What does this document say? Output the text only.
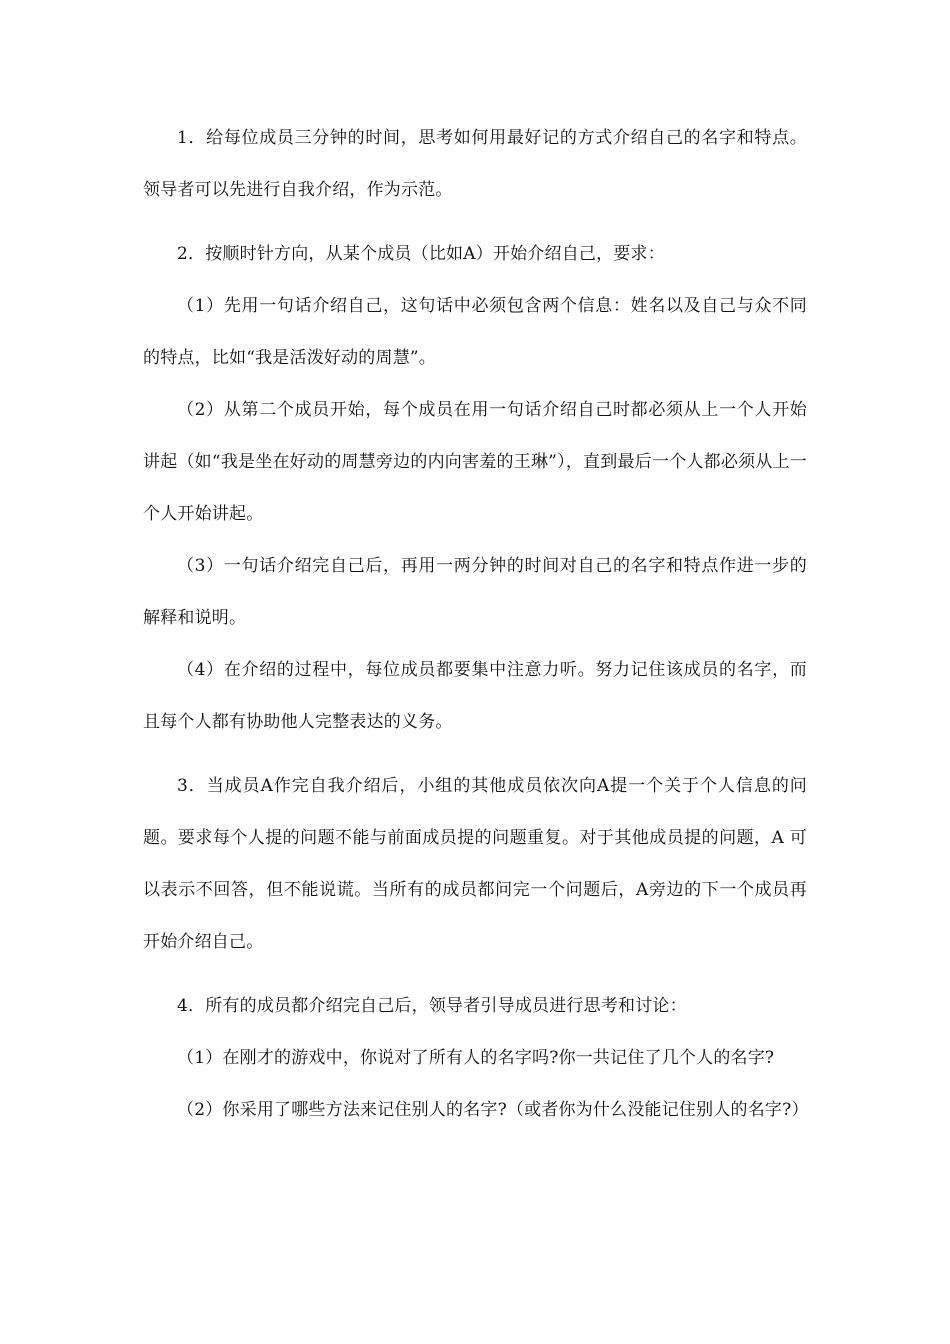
1．给每位成员三分钟的时间，思考如何用最好记的方式介绍自己的名字和特点。领导者可以先进行自我介绍，作为示范。

2．按顺时针方向，从某个成员（比如A）开始介绍自己，要求：

（1）先用一句话介绍自己，这句话中必须包含两个信息：姓名以及自己与众不同的特点，比如“我是活泼好动的周慧”。

（2）从第二个成员开始，每个成员在用一句话介绍自己时都必须从上一个人开始讲起（如“我是坐在好动的周慧旁边的内向害羞的王琳”），直到最后一个人都必须从上一个人开始讲起。

（3）一句话介绍完自己后，再用一两分钟的时间对自己的名字和特点作进一步的解释和说明。

（4）在介绍的过程中，每位成员都要集中注意力听。努力记住该成员的名字，而且每个人都有协助他人完整表达的义务。

3．当成员A作完自我介绍后，小组的其他成员依次向A提一个关于个人信息的问题。要求每个人提的问题不能与前面成员提的问题重复。对于其他成员提的问题，A 可以表示不回答，但不能说谎。当所有的成员都问完一个问题后，A旁边的下一个成员再开始介绍自己。

4．所有的成员都介绍完自己后，领导者引导成员进行思考和讨论：

（1）在刚才的游戏中，你说对了所有人的名字吗?你一共记住了几个人的名字?

（2）你采用了哪些方法来记住别人的名字?（或者你为什么没能记住别人的名字?）
